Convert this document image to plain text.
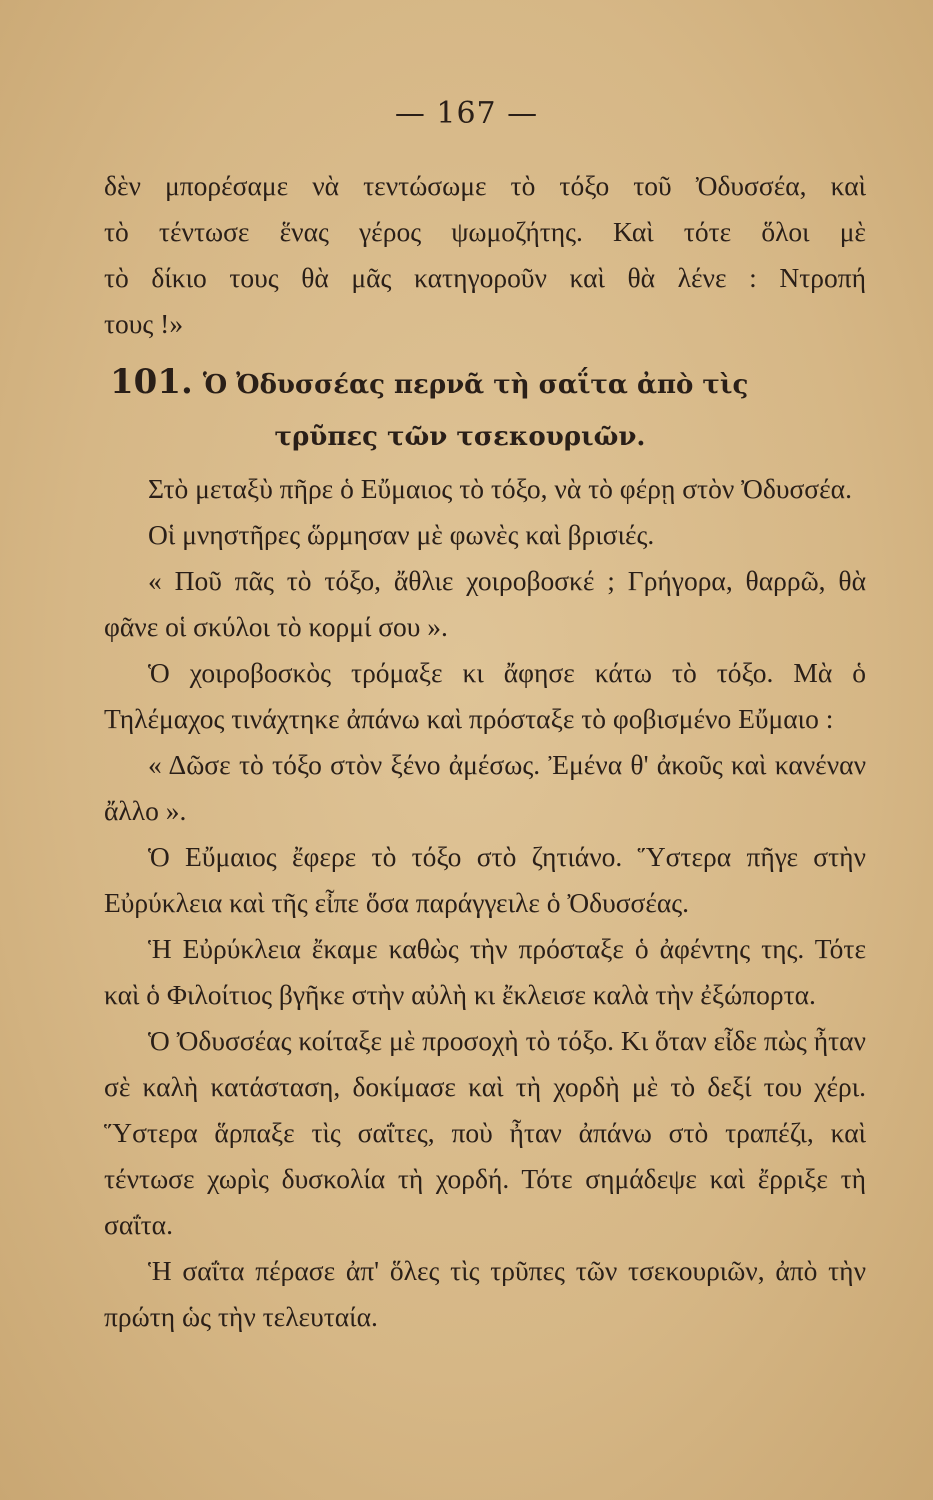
— 167 —

δὲν μπορέσαμε νὰ τεντώσωμε τὸ τόξο τοῦ Ὀδυσσέα, καὶ

τὸ τέντωσε ἕνας γέρος ψωμοζήτης. Καὶ τότε ὅλοι μὲ

τὸ δίκιο τους θὰ μᾶς κατηγοροῦν καὶ θὰ λένε : Ντροπή

τους !»

101. Ὁ Ὀδυσσέας περνᾶ τὴ σαΐτα ἀπὸ τὶς
τρῦπες τῶν τσεκουριῶν.

Στὸ μεταξὺ πῆρε ὁ Εὔμαιος τὸ τόξο, νὰ τὸ φέρῃ στὸν Ὀδυσσέα.

Οἱ μνηστῆρες ὥρμησαν μὲ φωνὲς καὶ βρισιές.

« Ποῦ πᾶς τὸ τόξο, ἄθλιε χοιροβοσκέ ; Γρήγορα, θαρρῶ, θὰ φᾶνε οἱ σκύλοι τὸ κορμί σου ».

Ὁ χοιροβοσκὸς τρόμαξε κι ἄφησε κάτω τὸ τόξο. Μὰ ὁ Τηλέμαχος τινάχτηκε ἀπάνω καὶ πρόσταξε τὸ φοβισμένο Εὔμαιο :

« Δῶσε τὸ τόξο στὸν ξένο ἀμέσως. Ἐμένα θ' ἀκοῦς καὶ κανέναν ἄλλο ».

Ὁ Εὔμαιος ἔφερε τὸ τόξο στὸ ζητιάνο. Ὕστερα πῆγε στὴν Εὐρύκλεια καὶ τῆς εἶπε ὅσα παράγγειλε ὁ Ὀδυσσέας.

Ἡ Εὐρύκλεια ἔκαμε καθὼς τὴν πρόσταξε ὁ ἀφέντης της. Τότε καὶ ὁ Φιλοίτιος βγῆκε στὴν αὐλὴ κι ἔκλεισε καλὰ τὴν ἐξώπορτα.

Ὁ Ὀδυσσέας κοίταξε μὲ προσοχὴ τὸ τόξο. Κι ὅταν εἶδε πὼς ἦταν σὲ καλὴ κατάσταση, δοκίμασε καὶ τὴ χορδὴ μὲ τὸ δεξί του χέρι. Ὕστερα ἅρπαξε τὶς σαΐτες, ποὺ ἦταν ἀπάνω στὸ τραπέζι, καὶ τέντωσε χωρὶς δυσκολία τὴ χορδή. Τότε σημάδεψε καὶ ἔρριξε τὴ σαΐτα.

Ἡ σαΐτα πέρασε ἀπ' ὅλες τὶς τρῦπες τῶν τσεκουριῶν, ἀπὸ τὴν πρώτη ὡς τὴν τελευταία.
